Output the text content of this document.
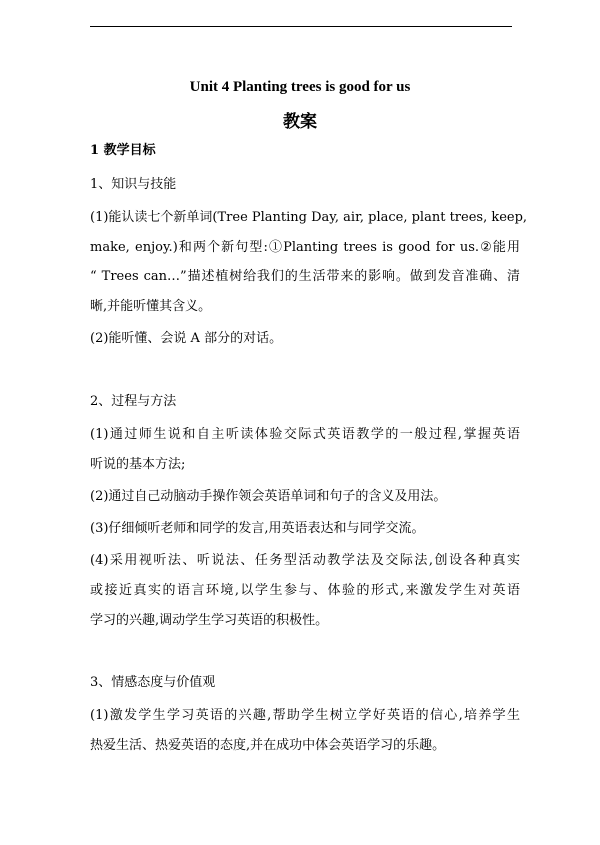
Unit 4 Planting trees is good for us
教案
1 教学目标
1、知识与技能
(1)能认读七个新单词(Tree Planting Day, air, place, plant trees, keep,
make, enjoy.)和两个新句型:①Planting trees is good for us.②能用
“ Trees can…”描述植树给我们的生活带来的影响。做到发音准确、清
晰,并能听懂其含义。
(2)能听懂、会说 A 部分的对话。
2、过程与方法
(1)通过师生说和自主听读体验交际式英语教学的一般过程,掌握英语
听说的基本方法;
(2)通过自己动脑动手操作领会英语单词和句子的含义及用法。
(3)仔细倾听老师和同学的发言,用英语表达和与同学交流。
(4)采用视听法、听说法、任务型活动教学法及交际法,创设各种真实
或接近真实的语言环境,以学生参与、体验的形式,来激发学生对英语
学习的兴趣,调动学生学习英语的积极性。
3、情感态度与价值观
(1)激发学生学习英语的兴趣,帮助学生树立学好英语的信心,培养学生
热爱生活、热爱英语的态度,并在成功中体会英语学习的乐趣。
